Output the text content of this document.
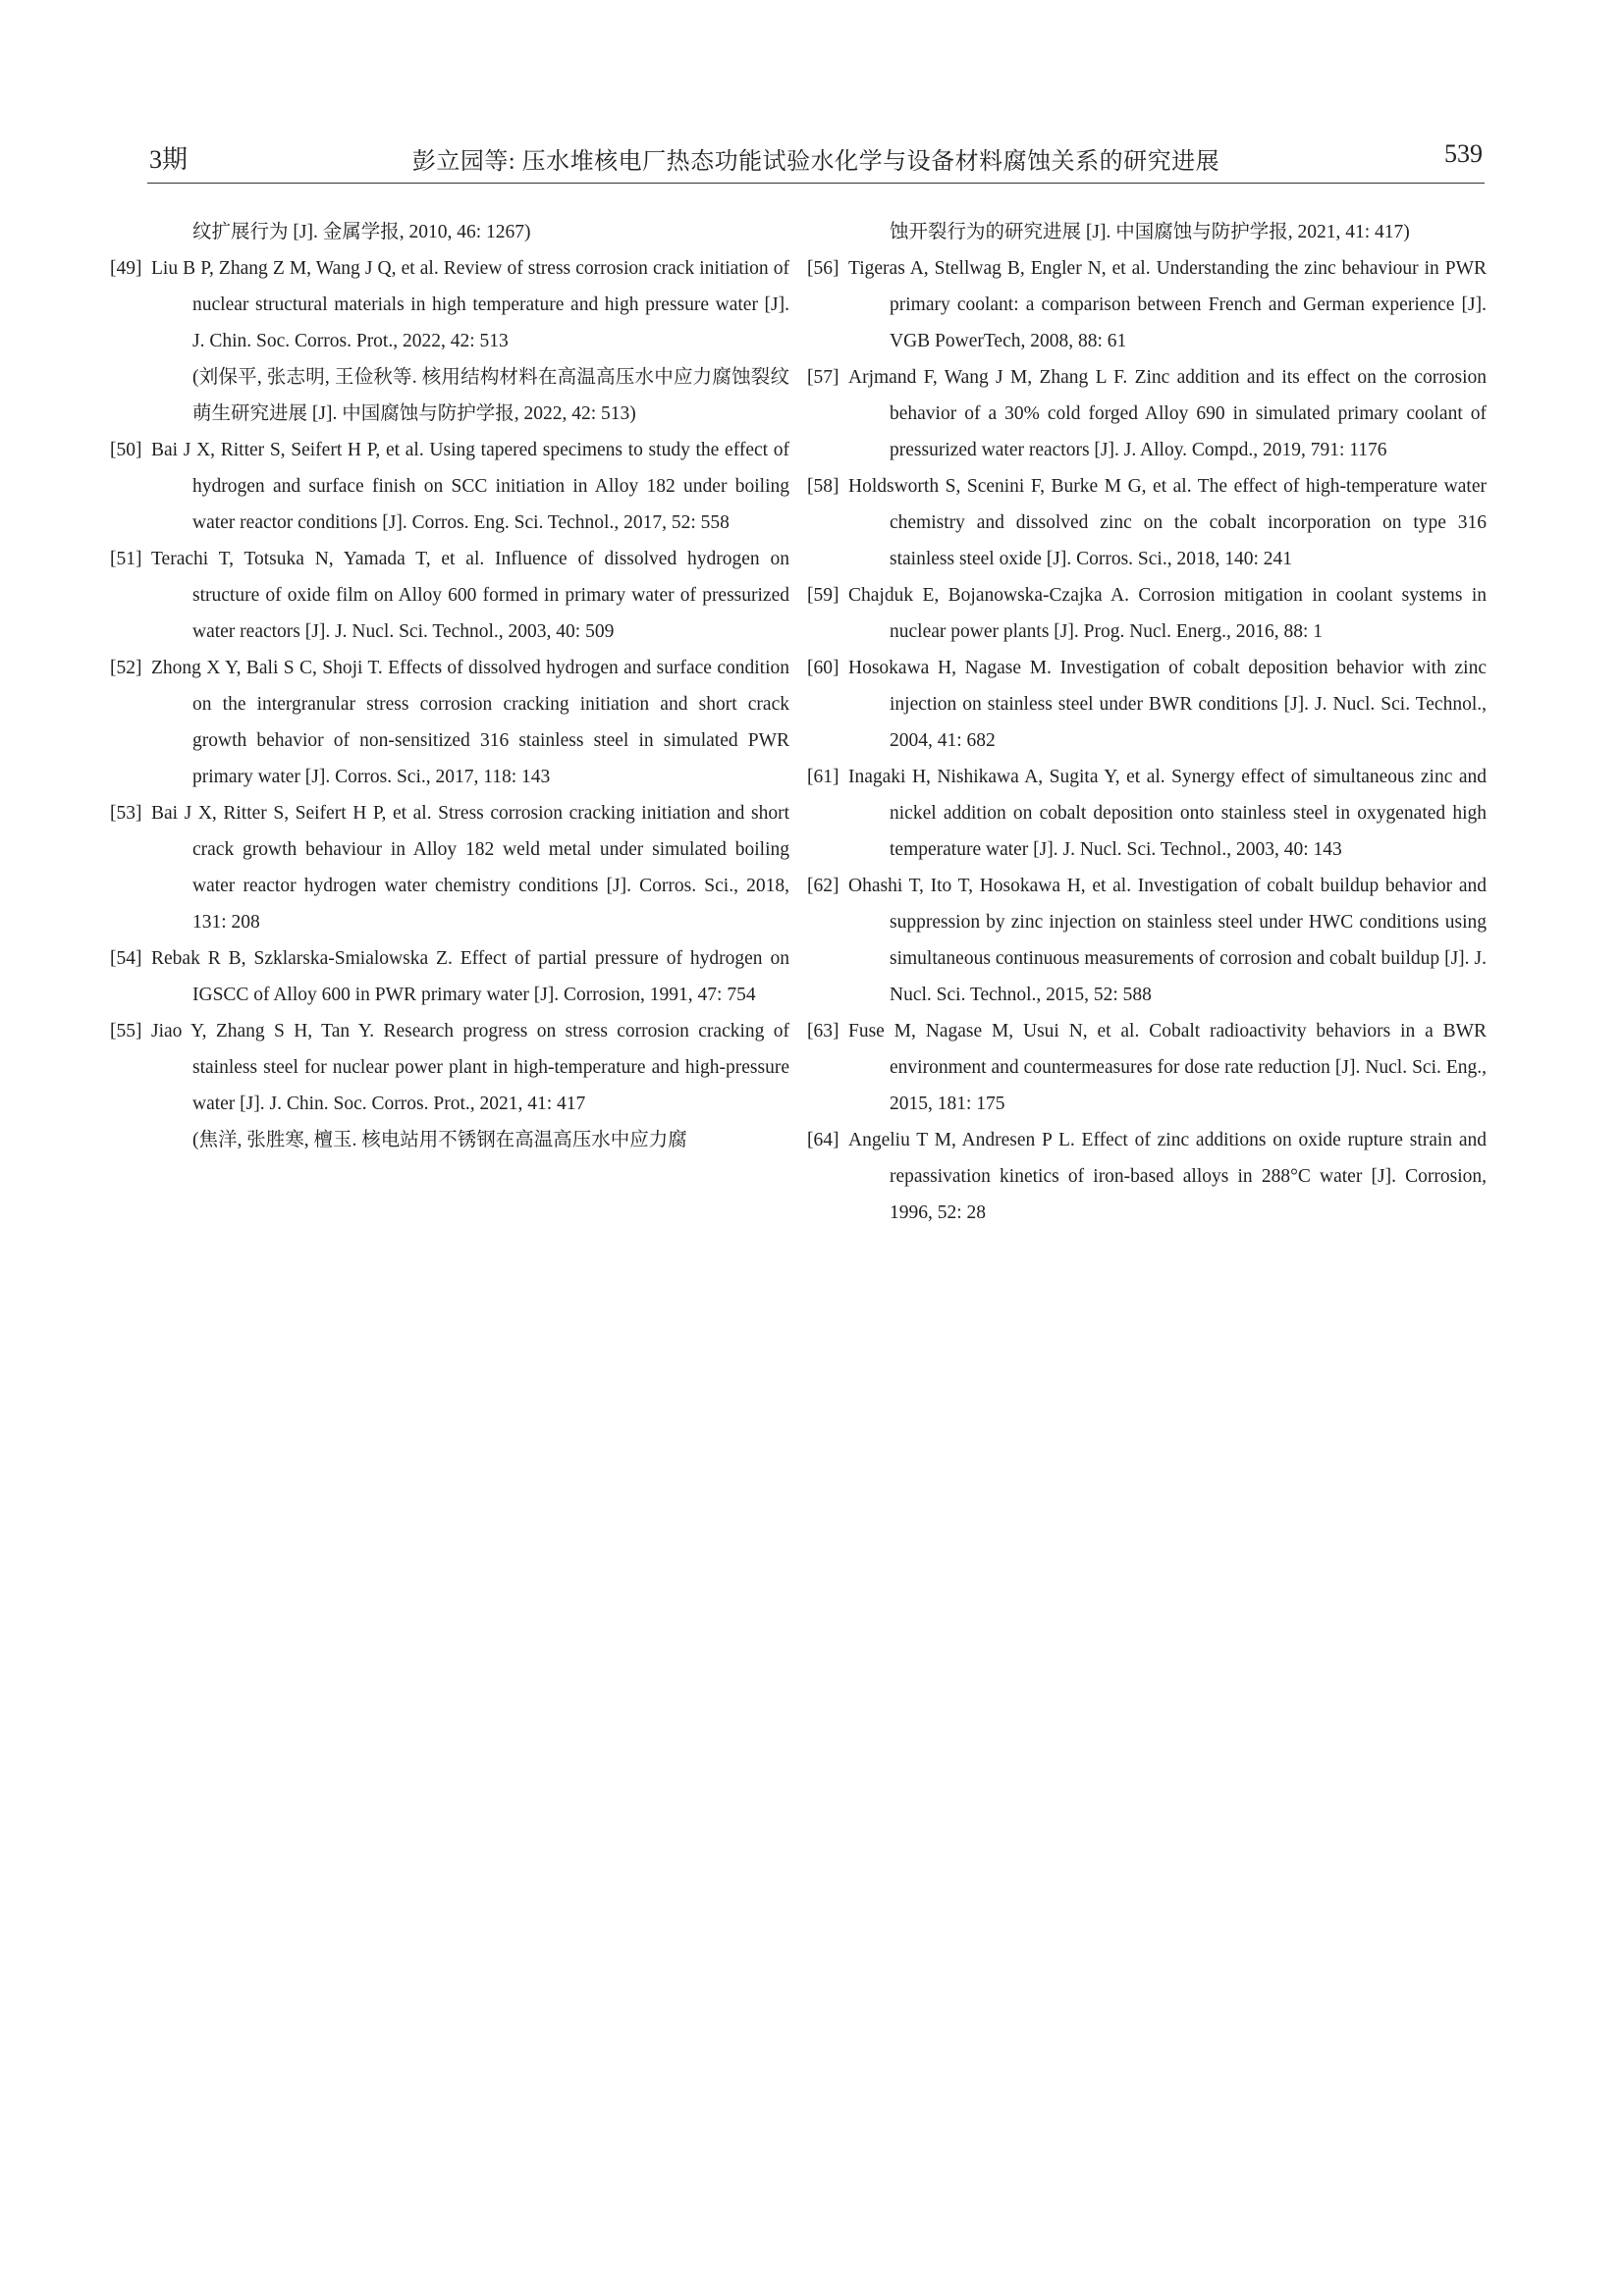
3期	彭立园等: 压水堆核电厂热态功能试验水化学与设备材料腐蚀关系的研究进展	539

纹扩展行为 [J]. 金属学报, 2010, 46: 1267)

[49] Liu B P, Zhang Z M, Wang J Q, et al. Review of stress corrosion crack initiation of nuclear structural materials in high temperature and high pressure water [J]. J. Chin. Soc. Corros. Prot., 2022, 42: 513

(刘保平, 张志明, 王俭秋等. 核用结构材料在高温高压水中应力腐蚀裂纹萌生研究进展 [J]. 中国腐蚀与防护学报, 2022, 42: 513)

[50] Bai J X, Ritter S, Seifert H P, et al. Using tapered specimens to study the effect of hydrogen and surface finish on SCC initiation in Alloy 182 under boiling water reactor conditions [J]. Corros. Eng. Sci. Technol., 2017, 52: 558

[51] Terachi T, Totsuka N, Yamada T, et al. Influence of dissolved hydrogen on structure of oxide film on Alloy 600 formed in primary water of pressurized water reactors [J]. J. Nucl. Sci. Technol., 2003, 40: 509

[52] Zhong X Y, Bali S C, Shoji T. Effects of dissolved hydrogen and surface condition on the intergranular stress corrosion cracking initiation and short crack growth behavior of non-sensitized 316 stainless steel in simulated PWR primary water [J]. Corros. Sci., 2017, 118: 143

[53] Bai J X, Ritter S, Seifert H P, et al. Stress corrosion cracking initiation and short crack growth behaviour in Alloy 182 weld metal under simulated boiling water reactor hydrogen water chemistry conditions [J]. Corros. Sci., 2018, 131: 208

[54] Rebak R B, Szklarska-Smialowska Z. Effect of partial pressure of hydrogen on IGSCC of Alloy 600 in PWR primary water [J]. Corrosion, 1991, 47: 754

[55] Jiao Y, Zhang S H, Tan Y. Research progress on stress corrosion cracking of stainless steel for nuclear power plant in high-temperature and high-pressure water [J]. J. Chin. Soc. Corros. Prot., 2021, 41: 417

(焦洋, 张胜寒, 檀玉. 核电站用不锈钢在高温高压水中应力腐

蚀开裂行为的研究进展 [J]. 中国腐蚀与防护学报, 2021, 41: 417)

[56] Tigeras A, Stellwag B, Engler N, et al. Understanding the zinc behaviour in PWR primary coolant: a comparison between French and German experience [J]. VGB PowerTech, 2008, 88: 61

[57] Arjmand F, Wang J M, Zhang L F. Zinc addition and its effect on the corrosion behavior of a 30% cold forged Alloy 690 in simulated primary coolant of pressurized water reactors [J]. J. Alloy. Compd., 2019, 791: 1176

[58] Holdsworth S, Scenini F, Burke M G, et al. The effect of high-temperature water chemistry and dissolved zinc on the cobalt incorporation on type 316 stainless steel oxide [J]. Corros. Sci., 2018, 140: 241

[59] Chajduk E, Bojanowska-Czajka A. Corrosion mitigation in coolant systems in nuclear power plants [J]. Prog. Nucl. Energ., 2016, 88: 1

[60] Hosokawa H, Nagase M. Investigation of cobalt deposition behavior with zinc injection on stainless steel under BWR conditions [J]. J. Nucl. Sci. Technol., 2004, 41: 682

[61] Inagaki H, Nishikawa A, Sugita Y, et al. Synergy effect of simultaneous zinc and nickel addition on cobalt deposition onto stainless steel in oxygenated high temperature water [J]. J. Nucl. Sci. Technol., 2003, 40: 143

[62] Ohashi T, Ito T, Hosokawa H, et al. Investigation of cobalt buildup behavior and suppression by zinc injection on stainless steel under HWC conditions using simultaneous continuous measurements of corrosion and cobalt buildup [J]. J. Nucl. Sci. Technol., 2015, 52: 588

[63] Fuse M, Nagase M, Usui N, et al. Cobalt radioactivity behaviors in a BWR environment and countermeasures for dose rate reduction [J]. Nucl. Sci. Eng., 2015, 181: 175

[64] Angeliu T M, Andresen P L. Effect of zinc additions on oxide rupture strain and repassivation kinetics of iron-based alloys in 288°C water [J]. Corrosion, 1996, 52: 28
